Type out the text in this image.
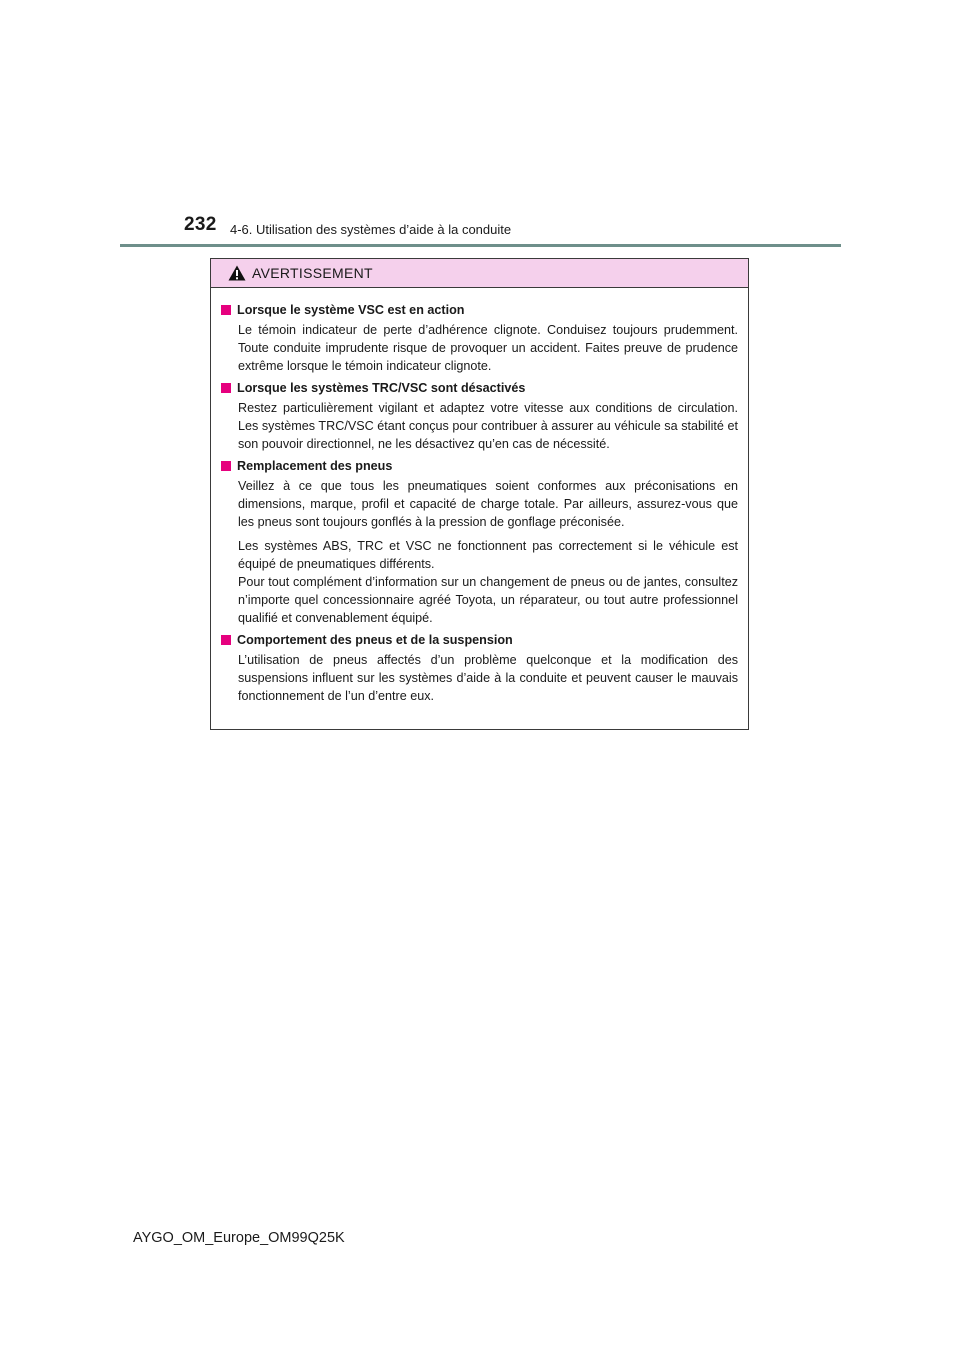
232 4-6. Utilisation des systèmes d’aide à la conduite
AVERTISSEMENT
Lorsque le système VSC est en action

Le témoin indicateur de perte d’adhérence clignote. Conduisez toujours prudemment. Toute conduite imprudente risque de provoquer un accident. Faites preuve de prudence extrême lorsque le témoin indicateur clignote.

Lorsque les systèmes TRC/VSC sont désactivés

Restez particulièrement vigilant et adaptez votre vitesse aux conditions de circulation. Les systèmes TRC/VSC étant conçus pour contribuer à assurer au véhicule sa stabilité et son pouvoir directionnel, ne les désactivez qu’en cas de nécessité.

Remplacement des pneus

Veillez à ce que tous les pneumatiques soient conformes aux préconisations en dimensions, marque, profil et capacité de charge totale. Par ailleurs, assurez-vous que les pneus sont toujours gonflés à la pression de gonflage préconisée.

Les systèmes ABS, TRC et VSC ne fonctionnent pas correctement si le véhicule est équipé de pneumatiques différents.

Pour tout complément d’information sur un changement de pneus ou de jantes, consultez n’importe quel concessionnaire agréé Toyota, un réparateur, ou tout autre professionnel qualifié et convenablement équipé.

Comportement des pneus et de la suspension

L’utilisation de pneus affectés d’un problème quelconque et la modification des suspensions influent sur les systèmes d’aide à la conduite et peuvent causer le mauvais fonctionnement de l’un d’entre eux.

AYGO_OM_Europe_OM99Q25K
